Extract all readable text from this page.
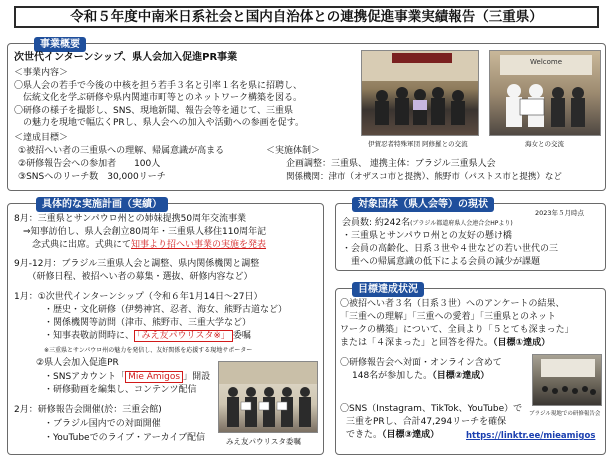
令和５年度中南米日系社会と国内自治体との連携促進事業実績報告（三重県）
事業概要
次世代インターンシップ、県人会加入促進PR事業
＜事業内容＞
〇県人会の若手で今後の中核を担う若手３名と引率１名を県に招聘し、
　伝統文化を学ぶ研修や県内関連市町等とのネットワーク構築を図る。
〇研修の様子を撮影し、SNS、現地新聞、報告会等を通じて、三重県
　の魅力を現地で幅広くPRし、県人会への加入や活動への参画を促す。
＜達成目標＞
①被招へい者の三重県への理解、帰属意識が高まる
②研修報告会への参加者　　100人
③SNSへのリーチ数　30,000リーチ
＜実施体制＞
企画調整：三重県、 連携主体：ブラジル三重県人会
関係機関：津市（オザスコ市と提携）、熊野市（パストス市と提携）など
伊賀忍者特殊軍団 阿修羅との交流
Welcome
海女との交流
具体的な実施計画（実績）
8月：三重県とサンパウロ州との姉妹提携50周年交流事業
　⇒知事訪伯し、県人会創立80周年・三重県人移住110周年記
　　念式典に出席。式典にて知事より招へい事業の実施を発表
9月-12月：ブラジル三重県人会と調整、県内関係機関と調整
　　（研修日程、被招へい者の募集・選抜、研修内容など）
1月：①次世代インターンシップ（令和６年1月14日～27日）
・歴史・文化研修（伊勢神宮、忍者、海女、熊野古道など）
・関係機関等訪問（津市、熊野市、三重大学など）
・知事表敬訪問時に、 「みえ友パウリスタ※」 委嘱
※三重県とサンパウロ州の魅力を発信し、友好関係を応援する現地サポーター
②県人会加入促進PR
・SNSアカウント「 Mie Amigos 」開設
・研修動画を編集し、コンテンツ配信
2月：研修報告会開催(於：三重会館)
・ブラジル国内での対面開催
・YouTubeでのライブ・アーカイブ配信	みえ友パウリスタ委嘱
対象団体（県人会等）の現状
2023年５月時点
会員数: 約242名(ブラジル都道府県人会連合会HPより)
・三重県とサンパウロ州との友好の懸け橋
・会員の高齢化、日系３世や４世などの若い世代の三
　重への帰属意識の低下による会員の減少が課題
目標達成状況
〇被招へい者３名（日系３世）へのアンケートの結果、
「三重への理解」「三重への愛着」「三重県とのネット
ワークの構築」について、全員より「５とても深まった」
または「４深まった」と回答を得た。（目標①達成）
〇研修報告会へ対面・オンライン含めて
148名が参加した。（目標②達成）
〇SNS（Instagram、TikTok、YouTube）で
三重をPRし、合計47,294リーチを確保
できた。（目標③達成）	https://linktr.ee/mieamigos
ブラジル現地での研修報告会
